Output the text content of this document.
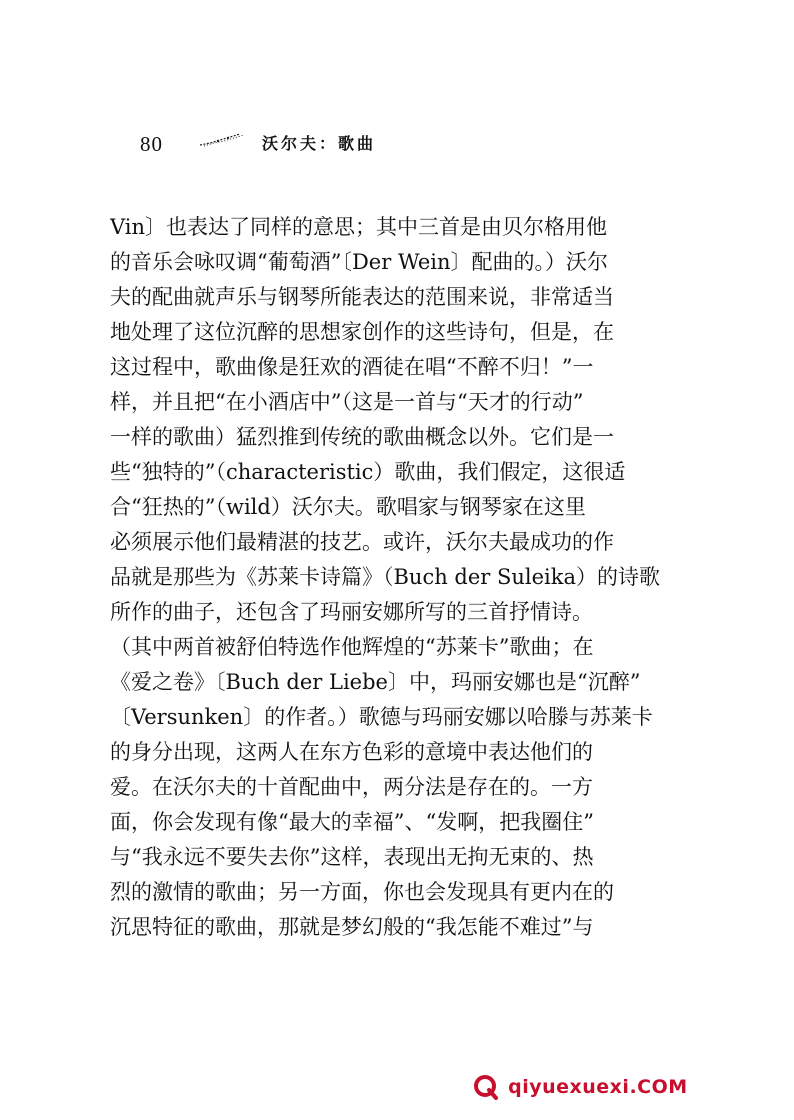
80	沃尔夫：歌曲
Vin〕也表达了同样的意思；其中三首是由贝尔格用他
的音乐会咏叹调“葡萄酒”〔Der Wein〕配曲的。）沃尔
夫的配曲就声乐与钢琴所能表达的范围来说，非常适当
地处理了这位沉醉的思想家创作的这些诗句，但是，在
这过程中，歌曲像是狂欢的酒徒在唱“不醉不归！”一
样，并且把“在小酒店中”（这是一首与“天才的行动”
一样的歌曲）猛烈推到传统的歌曲概念以外。它们是一
些“独特的”（characteristic）歌曲，我们假定，这很适
合“狂热的”（wild）沃尔夫。歌唱家与钢琴家在这里
必须展示他们最精湛的技艺。或许，沃尔夫最成功的作
品就是那些为《苏莱卡诗篇》（Buch der Suleika）的诗歌
所作的曲子，还包含了玛丽安娜所写的三首抒情诗。
（其中两首被舒伯特选作他辉煌的“苏莱卡”歌曲；在
《爱之卷》〔Buch der Liebe〕中，玛丽安娜也是“沉醉”
〔Versunken〕的作者。）歌德与玛丽安娜以哈滕与苏莱卡
的身分出现，这两人在东方色彩的意境中表达他们的
爱。在沃尔夫的十首配曲中，两分法是存在的。一方
面，你会发现有像“最大的幸福”、“发啊，把我圈住”
与“我永远不要失去你”这样，表现出无拘无束的、热
烈的激情的歌曲；另一方面，你也会发现具有更内在的
沉思特征的歌曲，那就是梦幻般的“我怎能不难过”与
qiyuexuexi.COM
